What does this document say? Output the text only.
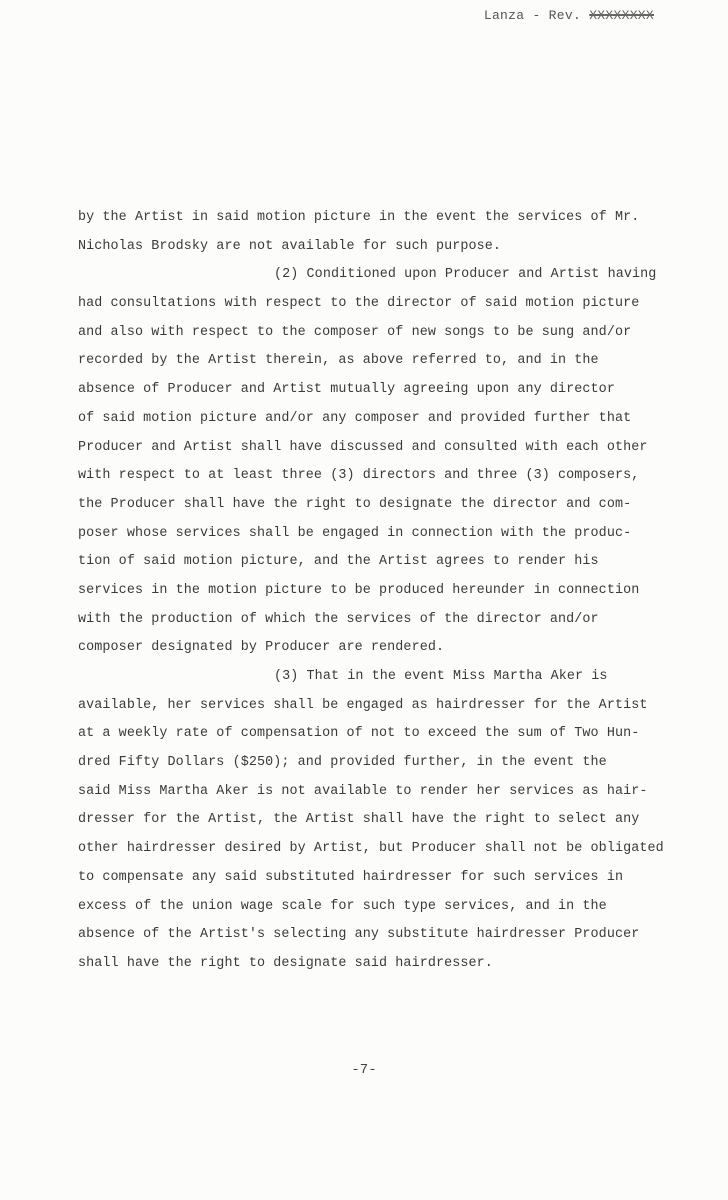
Lanza - Rev. XXXXXXXX
by the Artist in said motion picture in the event the services of Mr.
Nicholas Brodsky are not available for such purpose.
(2) Conditioned upon Producer and Artist having
had consultations with respect to the director of said motion picture
and also with respect to the composer of new songs to be sung and/or
recorded by the Artist therein, as above referred to, and in the
absence of Producer and Artist mutually agreeing upon any director
of said motion picture and/or any composer and provided further that
Producer and Artist shall have discussed and consulted with each other
with respect to at least three (3) directors and three (3) composers,
the Producer shall have the right to designate the director and com-
poser whose services shall be engaged in connection with the produc-
tion of said motion picture, and the Artist agrees to render his
services in the motion picture to be produced hereunder in connection
with the production of which the services of the director and/or
composer designated by Producer are rendered.
(3) That in the event Miss Martha Aker is
available, her services shall be engaged as hairdresser for the Artist
at a weekly rate of compensation of not to exceed the sum of Two Hun-
dred Fifty Dollars ($250); and provided further, in the event the
said Miss Martha Aker is not available to render her services as hair-
dresser for the Artist, the Artist shall have the right to select any
other hairdresser desired by Artist, but Producer shall not be obligated
to compensate any said substituted hairdresser for such services in
excess of the union wage scale for such type services, and in the
absence of the Artist's selecting any substitute hairdresser Producer
shall have the right to designate said hairdresser.
-7-
